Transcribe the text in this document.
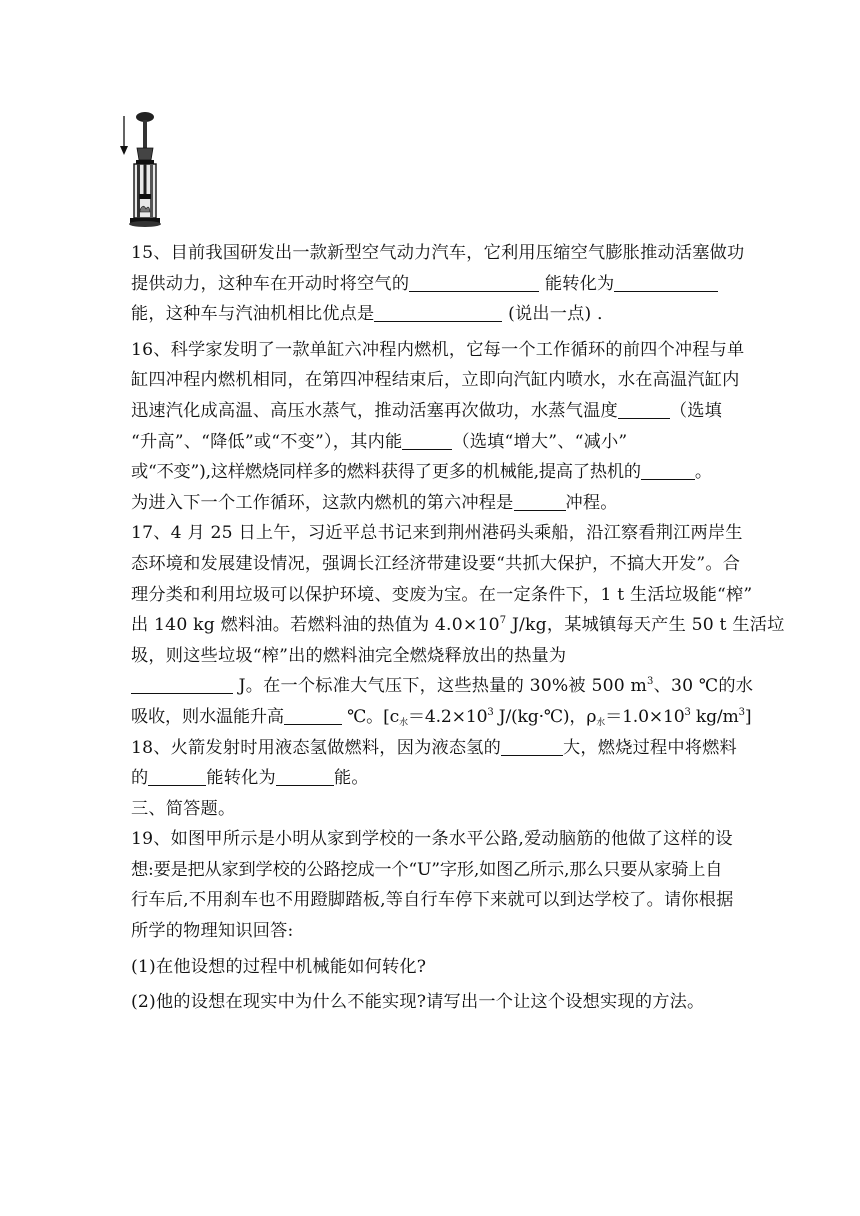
15、目前我国研发出一款新型空气动力汽车，它利用压缩空气膨胀推动活塞做功
提供动力，这种车在开动时将空气的	能转化为
能，这种车与汽油机相比优点是	(说出一点) ．
16、科学家发明了一款单缸六冲程内燃机，它每一个工作循环的前四个冲程与单
缸四冲程内燃机相同，在第四冲程结束后，立即向汽缸内喷水，水在高温汽缸内
迅速汽化成高温、高压水蒸气，推动活塞再次做功，水蒸气温度	（选填
“升高”、“降低”或“不变”），其内能	（选填“增大”、“减小”
或“不变”),这样燃烧同样多的燃料获得了更多的机械能,提高了热机的	。
为进入下一个工作循环，这款内燃机的第六冲程是	冲程。
17、4 月 25 日上午，习近平总书记来到荆州港码头乘船，沿江察看荆江两岸生
态环境和发展建设情况，强调长江经济带建设要“共抓大保护，不搞大开发”。合
理分类和利用垃圾可以保护环境、变废为宝。在一定条件下，1 t 生活垃圾能“榨”
出 140 kg 燃料油。若燃料油的热值为 $4.0\times 10^7$ J/kg，某城镇每天产生 50 t 生活垃
圾，则这些垃圾“榨”出的燃料油完全燃烧释放出的热量为
J。在一个标准大气压下，这些热量的 30%被 500 $m^3$、30 ℃的水
吸收，则水温能升高	℃。[$c_水=4.2\times 10^3$ J/(kg·℃)，$\rho_水=1.0\times 10^3$ $kg/m^3$]
18、火箭发射时用液态氢做燃料，因为液态氢的	大，燃烧过程中将燃料
的	能转化为	能。
三、简答题。
19、如图甲所示是小明从家到学校的一条水平公路,爱动脑筋的他做了这样的设
想:要是把从家到学校的公路挖成一个“U”字形,如图乙所示,那么只要从家骑上自
行车后,不用刹车也不用蹬脚踏板,等自行车停下来就可以到达学校了。请你根据
所学的物理知识回答:
(1)在他设想的过程中机械能如何转化?
(2)他的设想在现实中为什么不能实现?请写出一个让这个设想实现的方法。
